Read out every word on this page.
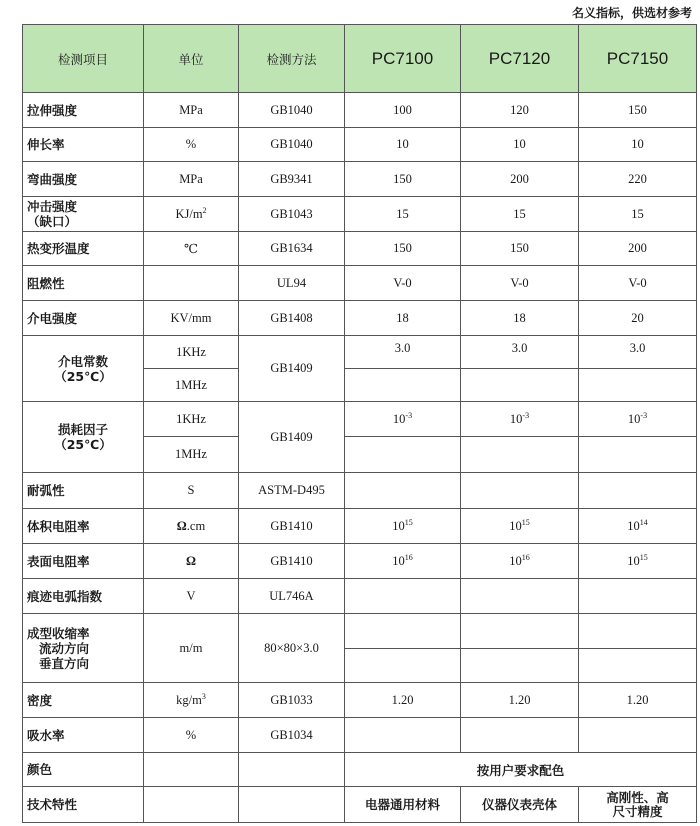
名义指标，供选材参考
检测项目	单位	检测方法	PC7100	PC7120	PC7150
拉伸强度	MPa	GB1040	100	120	150
伸长率	%	GB1040	10	10	10
弯曲强度	MPa	GB9341	150	200	220

冲击强度
（缺口）	$KJ/m^2$	GB1043	15	15	15
热变形温度	℃	GB1634	150	150	200
阻燃性		UL94	V-0	V-0	V-0
介电强度	KV/mm	GB1408	18	18	20

介电常数
（25℃）	1KHz	GB1409	3.0	3.0	3.0
	1MHz				

损耗因子
（25℃）	1KHz	GB1409	$10^{-3}$	$10^{-3}$	$10^{-3}$
	1MHz				
耐弧性	S	ASTM-D495			
体积电阻率	Ω.cm	GB1410	$10^{15}$	$10^{15}$	$10^{14}$
表面电阻率	Ω	GB1410	$10^{16}$	$10^{16}$	$10^{15}$
痕迹电弧指数	V	UL746A			

成型收缩率
流动方向
垂直方向	m/m	80×80×3.0			

密度	$kg/m^3$	GB1033	1.20	1.20	1.20
吸水率	%	GB1034			
颜色			按用户要求配色		
技术特性			电器通用材料	仪器仪表壳体	高刚性、高
尺寸精度
